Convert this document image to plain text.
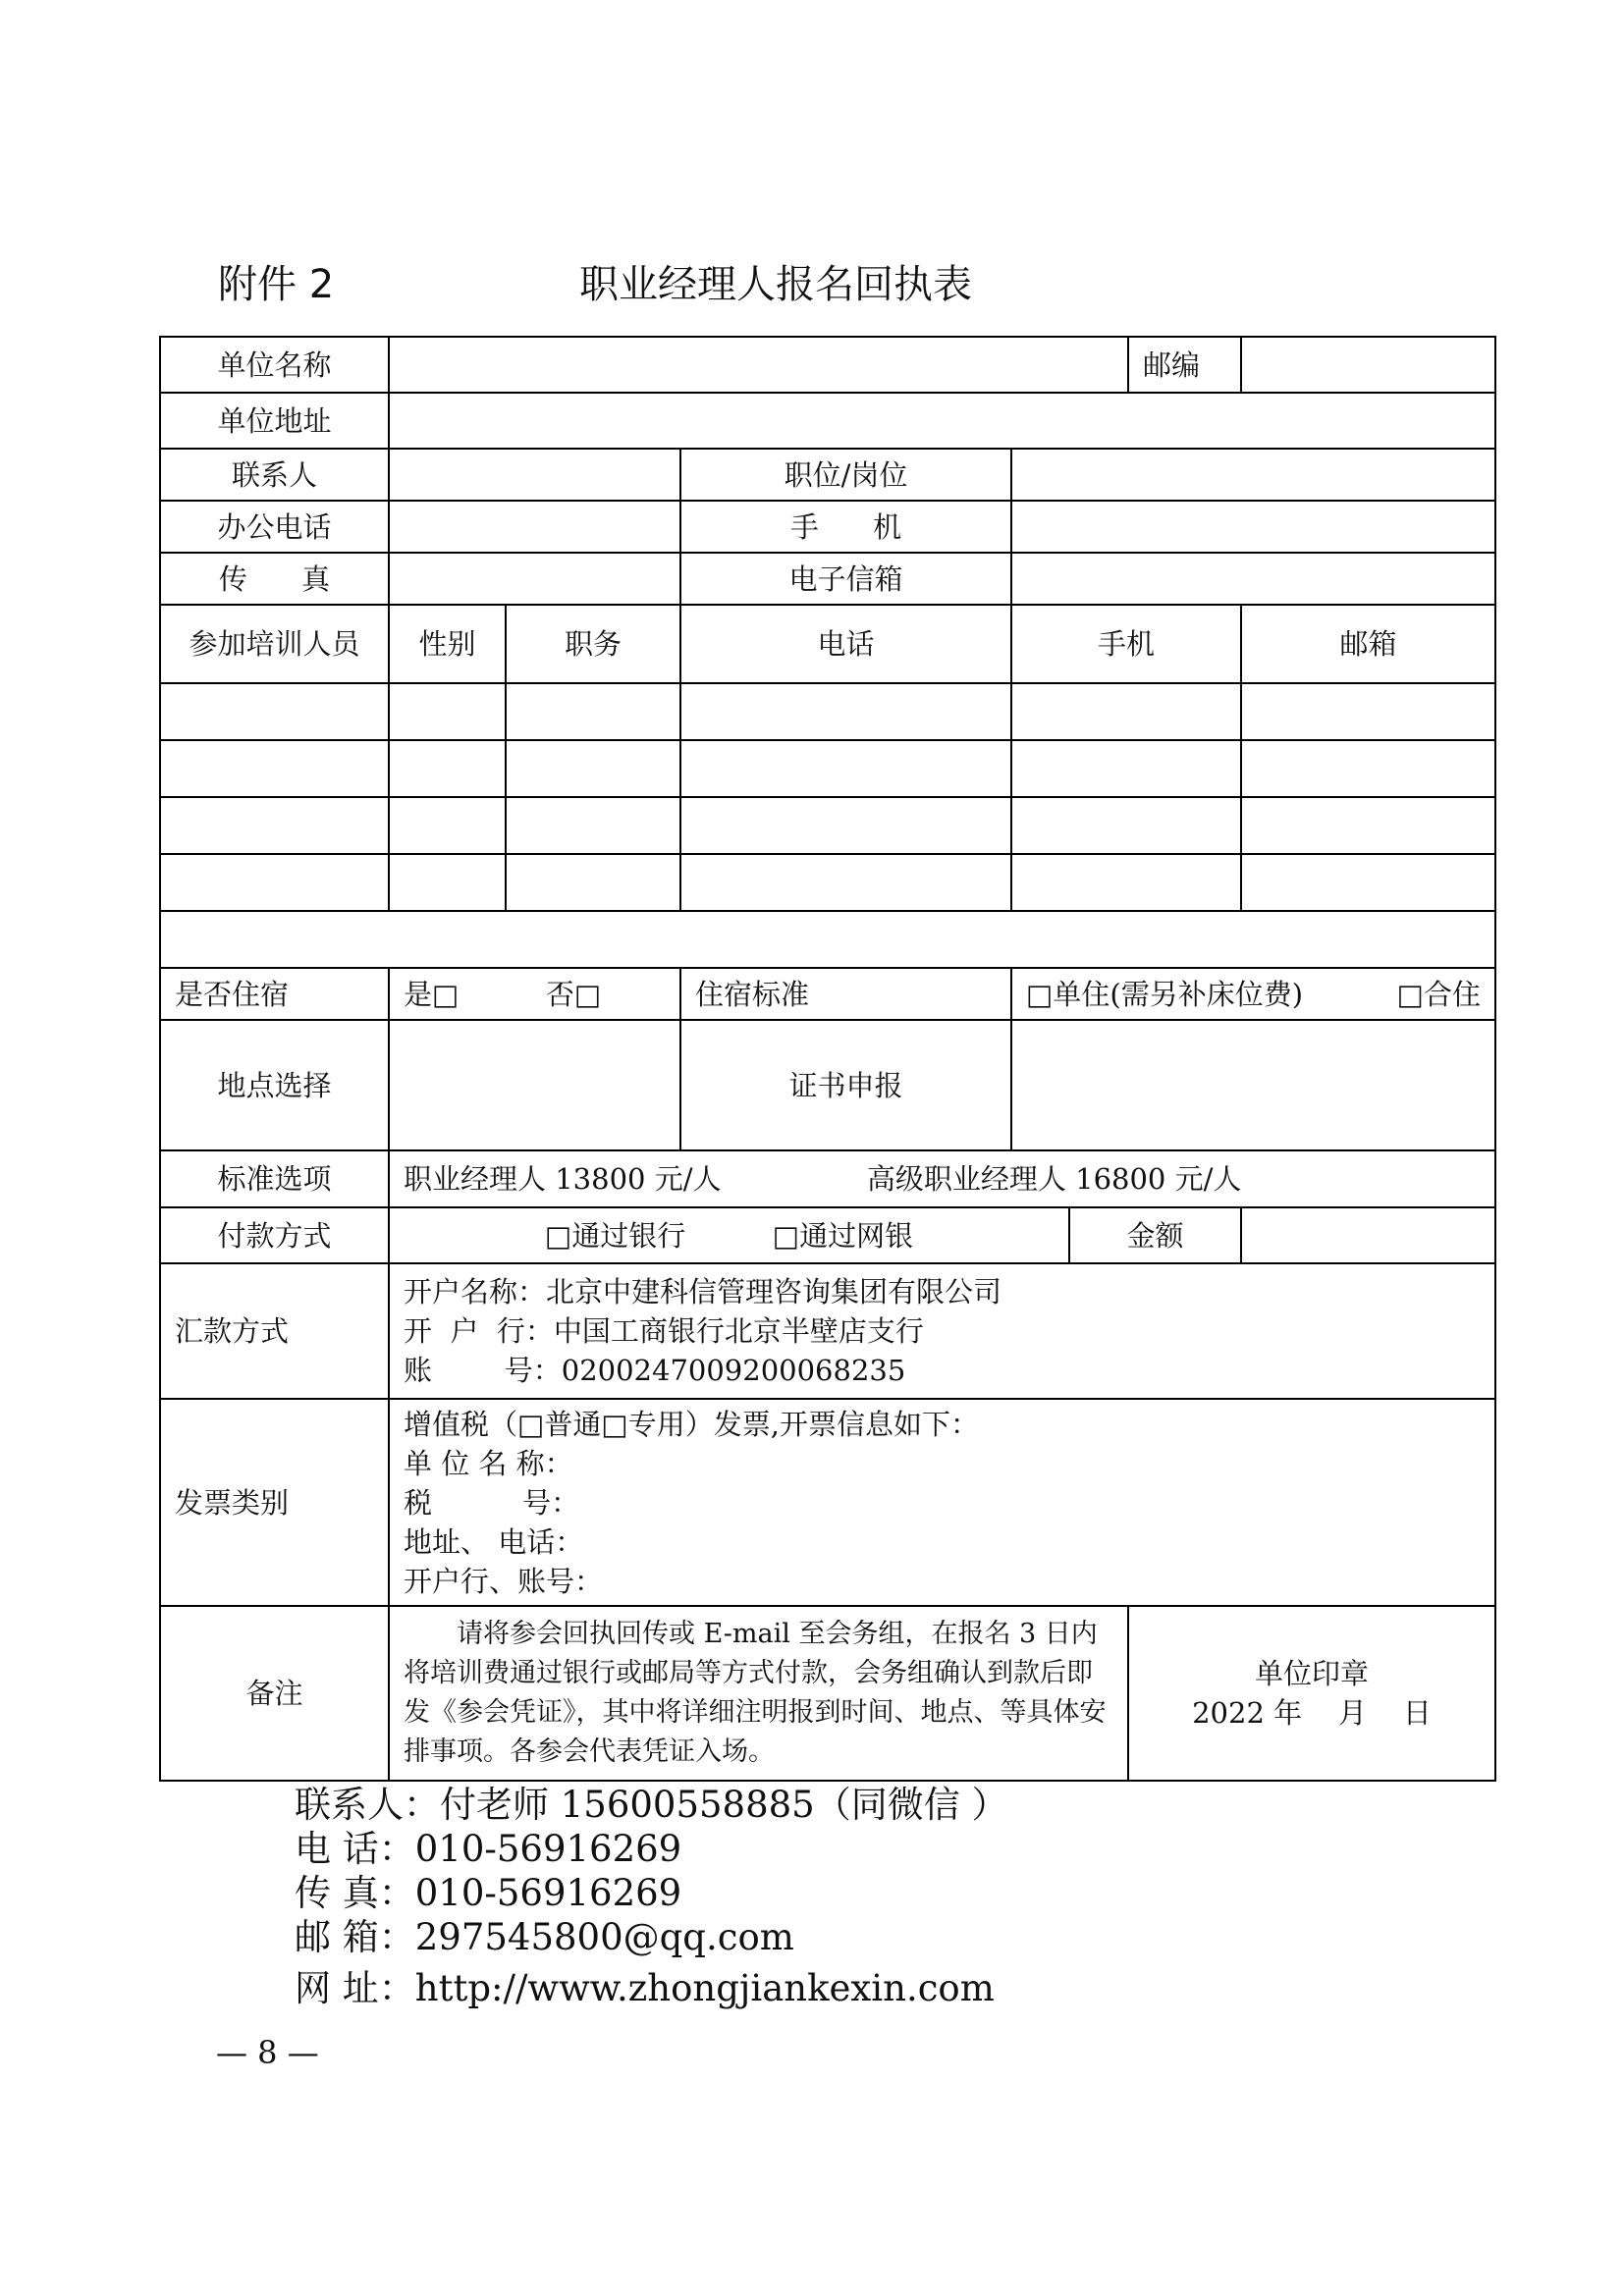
附件 2	职业经理人报名回执表
单位名称						邮编	
单位地址							
联系人			职位/岗位				
办公电话			手      机				
传      真			电子信箱				
参加培训人员	性别	职务	电话	手机			邮箱

是否住宿	是□ 否□		住宿标准	□单住(需另补床位费) □合住			

地点选择			证书申报				
标准选项	职业经理人 13800 元/人 高级职业经理人 16800 元/人						
付款方式	□通过银行 □通过网银				金额		
汇款方式	开户名称：北京中建科信管理咨询集团有限公司
开  户  行：中国工商银行北京半壁店支行
账        号：0200247009200068235						

发票类别	增值税（□普通□专用）发票,开票信息如下：
单 位 名 称：
税          号：
地址、 电话：
开户行、账号：						

备注	请将参会回执回传或 E-mail 至会务组，在报名 3 日内将培训费通过银行或邮局等方式付款，会务组确认到款后即发《参会凭证》，其中将详细注明报到时间、地点、等具体安排事项。各参会代表凭证入场。					单位印章
2022 年    月    日	
联系人：付老师 15600558885（同微信 ）
电 话：010-56916269
传 真：010-56916269
邮 箱：297545800@qq.com
网 址：http://www.zhongjiankexin.com
— 8 —
